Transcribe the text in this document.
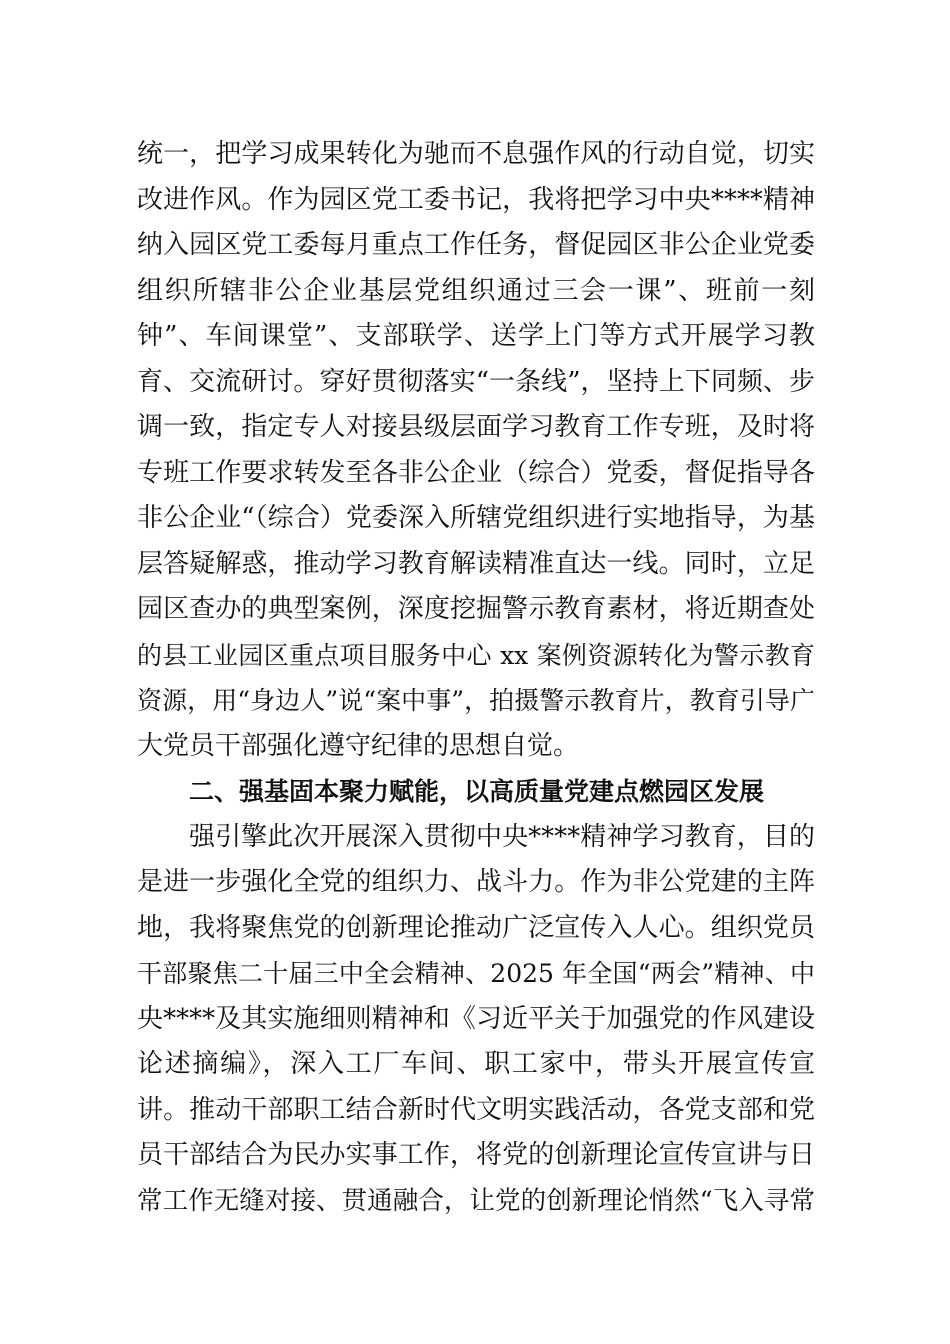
统一，把学习成果转化为驰而不息强作风的行动自觉，切实
改进作风。作为园区党工委书记，我将把学习中央****精神
纳入园区党工委每月重点工作任务，督促园区非公企业党委
组织所辖非公企业基层党组织通过三会一课”、班前一刻
钟”、车间课堂”、支部联学、送学上门等方式开展学习教
育、交流研讨。穿好贯彻落实“一条线”，坚持上下同频、步
调一致，指定专人对接县级层面学习教育工作专班，及时将
专班工作要求转发至各非公企业（综合）党委，督促指导各
非公企业“（综合）党委深入所辖党组织进行实地指导，为基
层答疑解惑，推动学习教育解读精准直达一线。同时，立足
园区查办的典型案例，深度挖掘警示教育素材，将近期查处
的县工业园区重点项目服务中心 xx 案例资源转化为警示教育
资源，用“身边人”说“案中事”，拍摄警示教育片，教育引导广
大党员干部强化遵守纪律的思想自觉。
二、强基固本聚力赋能，以高质量党建点燃园区发展
强引擎此次开展深入贯彻中央****精神学习教育，目的
是进一步强化全党的组织力、战斗力。作为非公党建的主阵
地，我将聚焦党的创新理论推动广泛宣传入人心。组织党员
干部聚焦二十届三中全会精神、2025 年全国“两会”精神、中
央****及其实施细则精神和《习近平关于加强党的作风建设
论述摘编》，深入工厂车间、职工家中，带头开展宣传宣
讲。推动干部职工结合新时代文明实践活动，各党支部和党
员干部结合为民办实事工作，将党的创新理论宣传宣讲与日
常工作无缝对接、贯通融合，让党的创新理论悄然“飞入寻常
